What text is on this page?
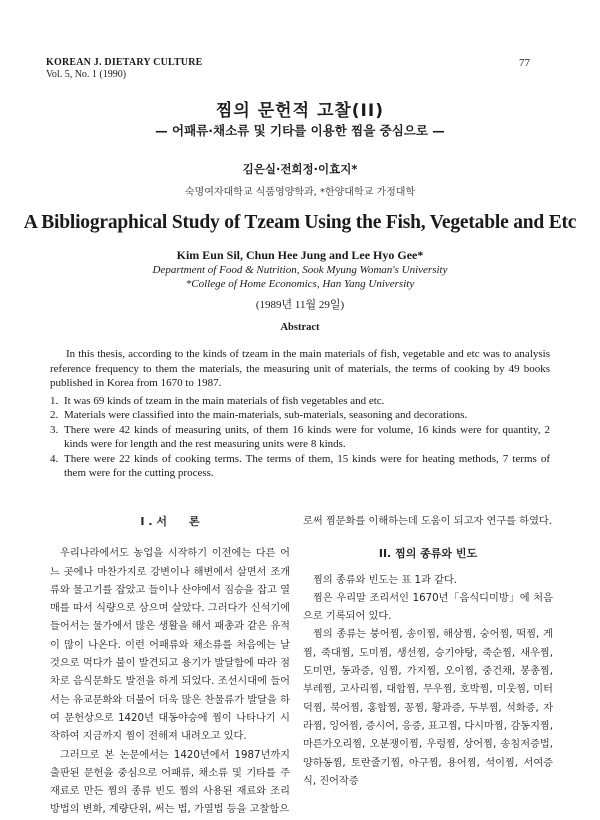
KOREAN J. DIETARY CULTURE
Vol. 5, No. 1 (1990)
77
찜의 문헌적 고찰(II)
— 어패류·채소류 및 기타를 이용한 찜을 중심으로 —
김은실·전희정·이효지*
숙명여자대학교 식품영양학과, *한양대학교 가정대학
A Bibliographical Study of Tzeam Using the Fish, Vegetable and Etc
Kim Eun Sil, Chun Hee Jung and Lee Hyo Gee*
Department of Food & Nutrition, Sook Myung Woman's University
*College of Home Economics, Han Yang University
(1989년 11월 29일)
Abstract

In this thesis, according to the kinds of tzeam in the main materials of fish, vegetable and etc was to analysis reference frequency to them the materials, the measuring unit of materials, the terms of cooking by 49 books published in Korea from 1670 to 1987.

1. It was 69 kinds of tzeam in the main materials of fish vegetables and etc.
2. Materials were classified into the main-materials, sub-materials, seasoning and decorations.
3. There were 42 kinds of measuring units, of them 16 kinds were for volume, 16 kinds were for quantity, 2 kinds were for length and the rest measuring units were 8 kinds.
4. There were 22 kinds of cooking terms. The terms of them, 15 kinds were for heating methods, 7 terms of them were for the cutting process.
I . 서　　론

우리나라에서도 농업을 시작하기 이전에는 다른 어느 곳에나 마찬가지로 강변이나 해변에서 살면서 조개류와 물고기를 잡았고 들이나 산야에서 짐승을 잡고 열매를 따서 식량으로 삼으며 살았다. 그러다가 신석기에 들어서는 물가에서 많은 생활을 해서 패총과 같은 유적이 많이 나온다. 이런 어패류와 채소류를 처음에는 날것으로 먹다가 불이 발견되고 용기가 발달함에 따라 점차로 음식문화도 발전을 하게 되었다. 조선시대에 들어서는 유교문화와 더불어 더욱 많은 찬물류가 발달을 하여 문헌상으로 1420년 대동야승에 찜이 나타나기 시작하여 지금까지 찜이 전해져 내려오고 있다.

그러므로 본 논문에서는 1420년에서 1987년까지 출판된 문헌을 중심으로 어패류, 채소류 및 기타를 주재료로 만든 찜의 종류 빈도 찜의 사용된 재료와 조리방법의 변화, 계량단위, 써는 법, 가열법 등을 고찰함으

로써 찜문화를 이해하는데 도움이 되고자 연구를 하였다.

II. 찜의 종류와 빈도

찜의 종류와 빈도는 표 1과 같다.

찜은 우리말 조리서인 1670년「음식디미방」에 처음으로 기록되어 있다.

찜의 종류는 붕어찜, 송이찜, 해삼찜, 숭어찜, 떡찜, 게찜, 죽대찜, 도미찜, 생선찜, 승기야탕, 죽순찜, 새우찜, 도미면, 동과증, 임찜, 가지찜, 오이찜, 중건채, 봉총찜, 부레찜, 고사리찜, 대합찜, 무우찜, 호박찜, 미웃찜, 미터덕찜, 북어찜, 홍합찜, 꽁찜, 황과증, 두부찜, 석화증, 자라찜, 잉어찜, 증시어, 응증, 표고찜, 다시마찜, 감동지찜, 마른가오리찜, 오분쟁이찜, 우렁찜, 상어찜, 송침저증법, 양하동찜, 토란줄기찜, 아구찜, 용어찜, 석이찜, 서여증식, 진어작증
